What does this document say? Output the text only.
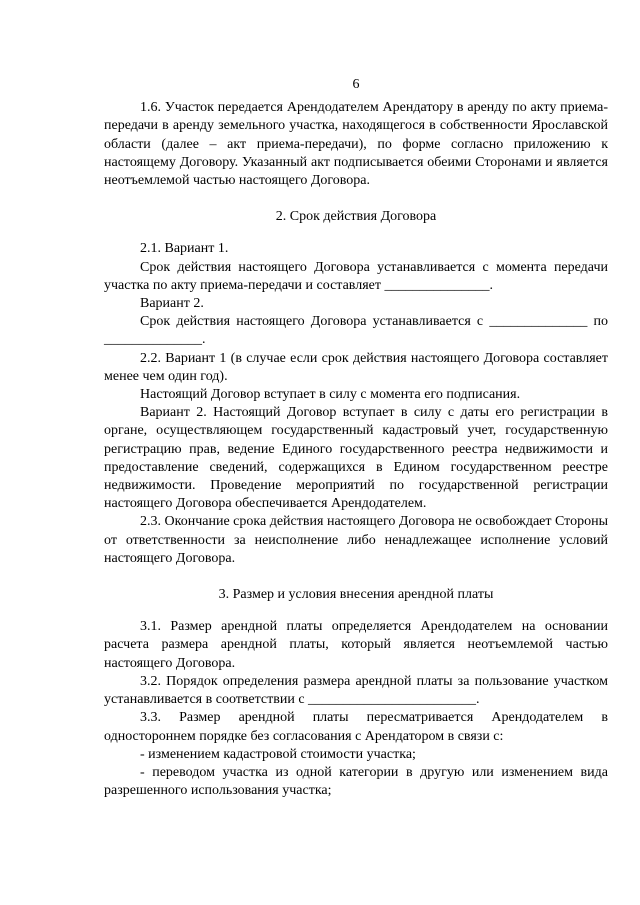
6

1.6. Участок передается Арендодателем Арендатору в аренду по акту приема-передачи в аренду земельного участка, находящегося в собственности Ярославской области (далее – акт приема-передачи), по форме согласно приложению к настоящему Договору. Указанный акт подписывается обеими Сторонами и является неотъемлемой частью настоящего Договора.

2. Срок действия Договора

2.1. Вариант 1.

Срок действия настоящего Договора устанавливается с момента передачи участка по акту приема-передачи и составляет _______________.

Вариант 2.

Срок действия настоящего Договора устанавливается с ______________ по ______________.

2.2. Вариант 1 (в случае если срок действия настоящего Договора составляет менее чем один год).

Настоящий Договор вступает в силу с момента его подписания.

Вариант 2. Настоящий Договор вступает в силу с даты его регистрации в органе, осуществляющем государственный кадастровый учет, государственную регистрацию прав, ведение Единого государственного реестра недвижимости и предоставление сведений, содержащихся в Едином государственном реестре недвижимости. Проведение мероприятий по государственной регистрации настоящего Договора обеспечивается Арендодателем.

2.3. Окончание срока действия настоящего Договора не освобождает Стороны от ответственности за неисполнение либо ненадлежащее исполнение условий настоящего Договора.

3. Размер и условия внесения арендной платы

3.1. Размер арендной платы определяется Арендодателем на основании расчета размера арендной платы, который является неотъемлемой частью настоящего Договора.

3.2. Порядок определения размера арендной платы за пользование участком устанавливается в соответствии с ________________________.

3.3. Размер арендной платы пересматривается Арендодателем в одностороннем порядке без согласования с Арендатором в связи с:

- изменением кадастровой стоимости участка;

- переводом участка из одной категории в другую или изменением вида разрешенного использования участка;
